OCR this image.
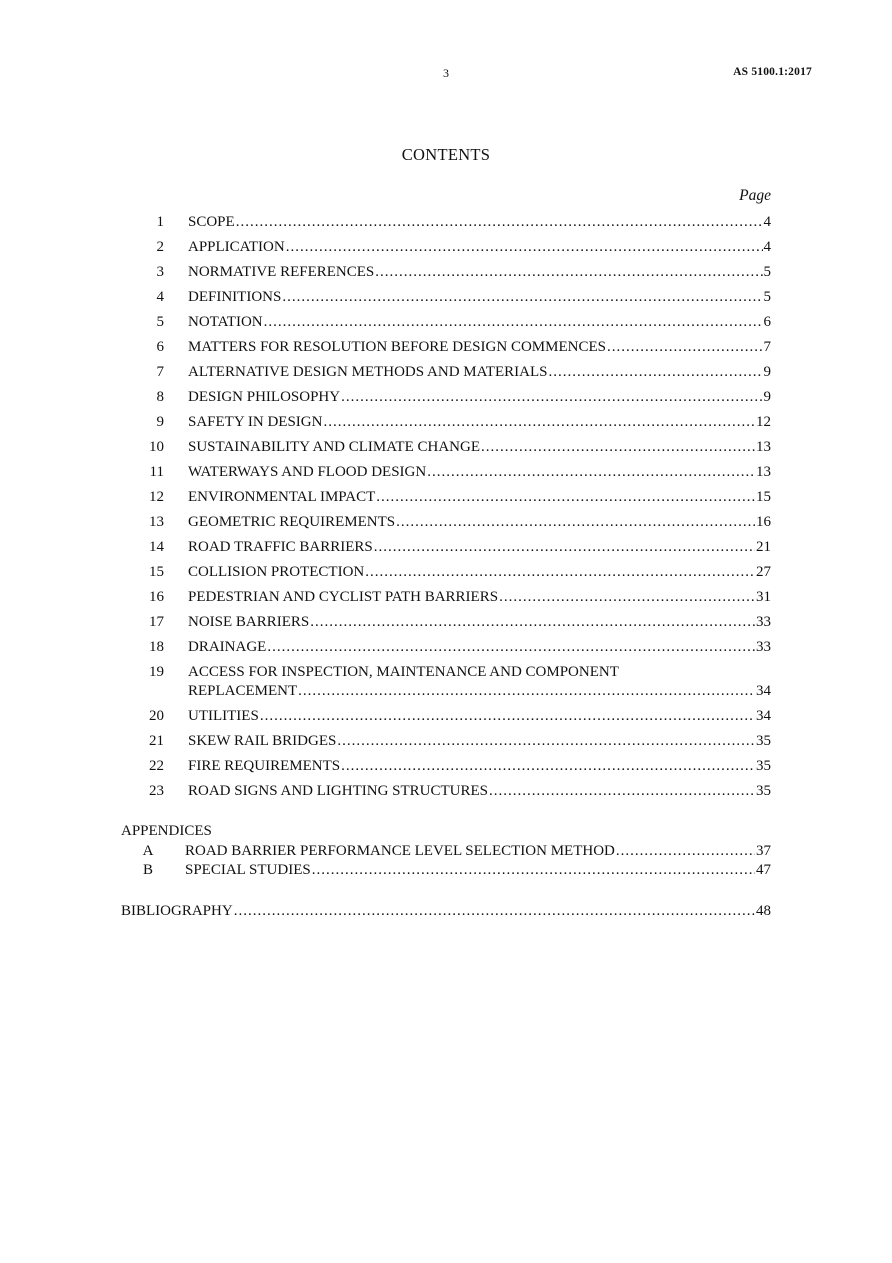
3	AS 5100.1:2017
CONTENTS
Page
1 SCOPE .....	4
2 APPLICATION .....	4
3 NORMATIVE REFERENCES .....	5
4 DEFINITIONS .....	5
5 NOTATION .....	6
6 MATTERS FOR RESOLUTION BEFORE DESIGN COMMENCES .....	7
7 ALTERNATIVE DESIGN METHODS AND MATERIALS .....	9
8 DESIGN PHILOSOPHY .....	9
9 SAFETY IN DESIGN .....	12
10 SUSTAINABILITY AND CLIMATE CHANGE .....	13
11 WATERWAYS AND FLOOD DESIGN .....	13
12 ENVIRONMENTAL IMPACT .....	15
13 GEOMETRIC REQUIREMENTS .....	16
14 ROAD TRAFFIC BARRIERS .....	21
15 COLLISION PROTECTION .....	27
16 PEDESTRIAN AND CYCLIST PATH BARRIERS .....	31
17 NOISE BARRIERS .....	33
18 DRAINAGE .....	33
19 ACCESS FOR INSPECTION, MAINTENANCE AND COMPONENT
REPLACEMENT .....	34
20 UTILITIES .....	34
21 SKEW RAIL BRIDGES .....	35
22 FIRE REQUIREMENTS .....	35
23 ROAD SIGNS AND LIGHTING STRUCTURES .....	35
APPENDICES
A ROAD BARRIER PERFORMANCE LEVEL SELECTION METHOD .....	37
B SPECIAL STUDIES .....	47
BIBLIOGRAPHY .....	48
